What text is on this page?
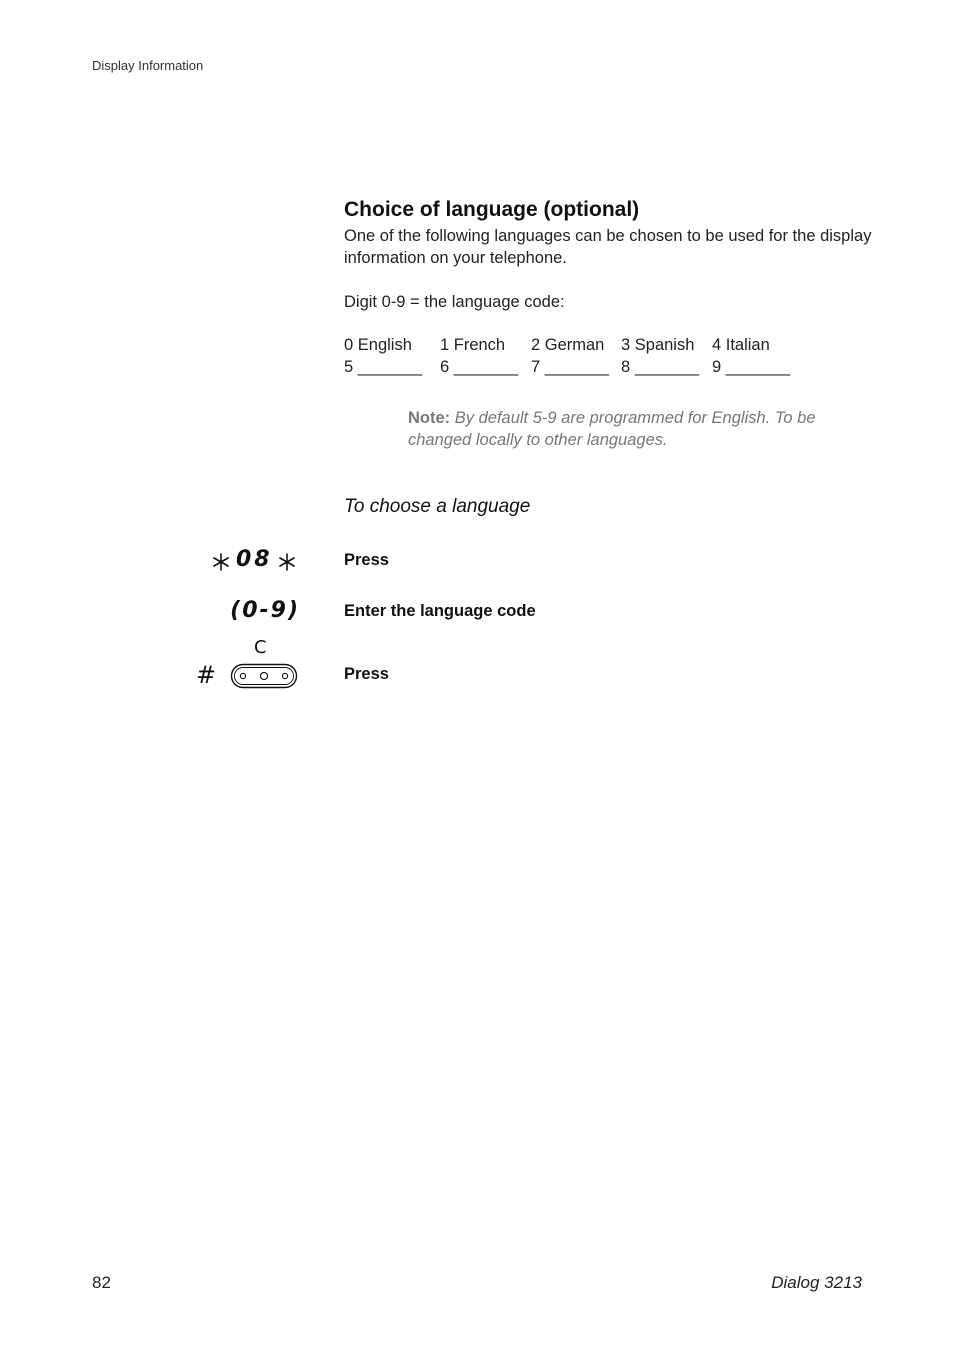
Display Information
Choice of language (optional)
One of the following languages can be chosen to be used for the display information on your telephone.
Digit 0-9 = the language code:
0 English 1 French 2 German 3 Spanish 4 Italian
5 _______ 6 _______ 7 _______ 8 _______ 9 _______
Note: By default 5-9 are programmed for English. To be changed locally to other languages.
To choose a language
08	Press
(0-9)	Enter the language code
#
C
Press
82	Dialog 3213
